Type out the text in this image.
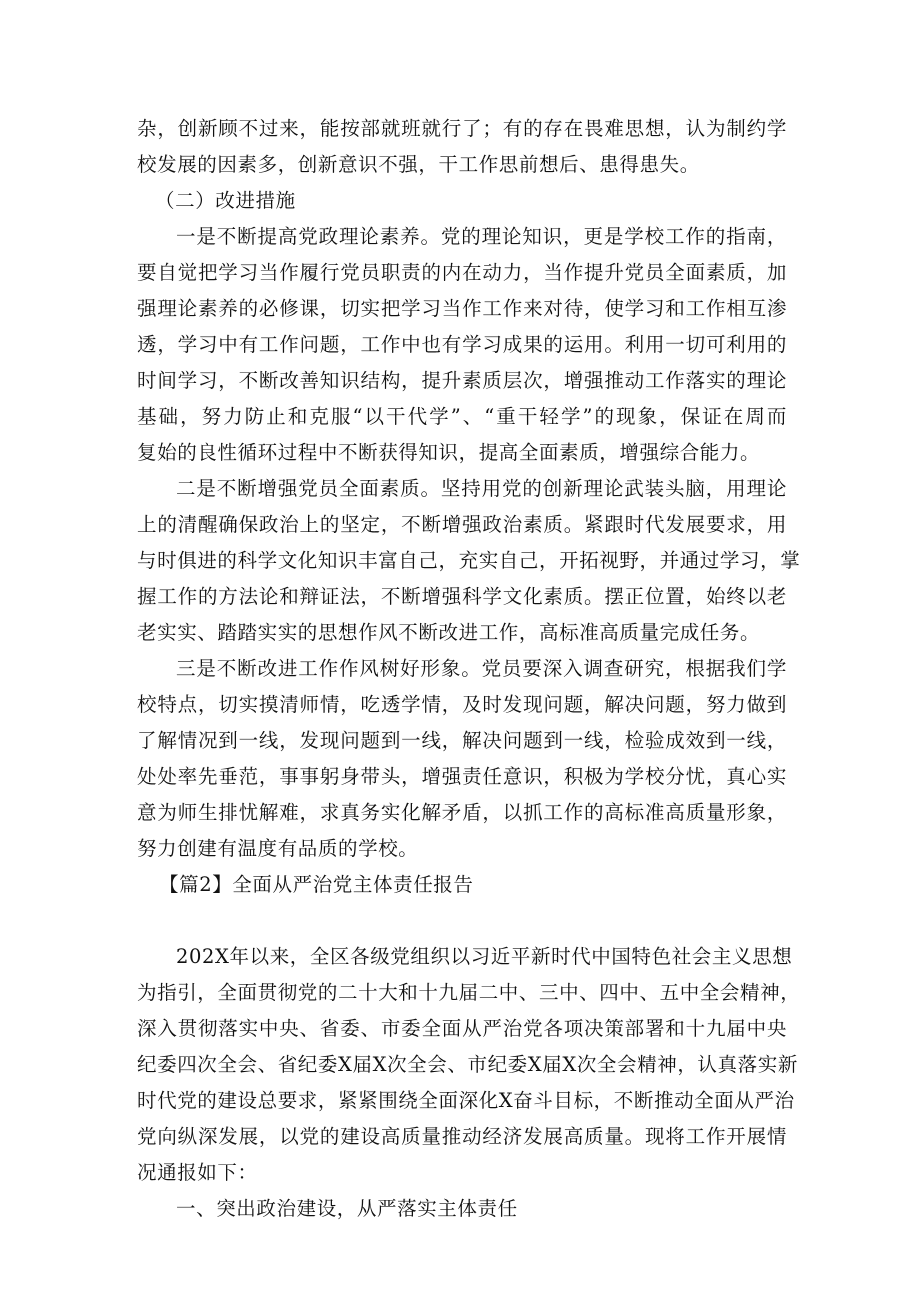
杂，创新顾不过来，能按部就班就行了；有的存在畏难思想，认为制约学
校发展的因素多，创新意识不强，干工作思前想后、患得患失。
（二）改进措施
一是不断提高党政理论素养。党的理论知识，更是学校工作的指南，
要自觉把学习当作履行党员职责的内在动力，当作提升党员全面素质，加
强理论素养的必修课，切实把学习当作工作来对待，使学习和工作相互渗
透，学习中有工作问题，工作中也有学习成果的运用。利用一切可利用的
时间学习，不断改善知识结构，提升素质层次，增强推动工作落实的理论
基础，努力防止和克服“以干代学”、“重干轻学”的现象，保证在周而
复始的良性循环过程中不断获得知识，提高全面素质，增强综合能力。
二是不断增强党员全面素质。坚持用党的创新理论武装头脑，用理论
上的清醒确保政治上的坚定，不断增强政治素质。紧跟时代发展要求，用
与时俱进的科学文化知识丰富自己，充实自己，开拓视野，并通过学习，掌
握工作的方法论和辩证法，不断增强科学文化素质。摆正位置，始终以老
老实实、踏踏实实的思想作风不断改进工作，高标准高质量完成任务。
三是不断改进工作作风树好形象。党员要深入调查研究，根据我们学
校特点，切实摸清师情，吃透学情，及时发现问题，解决问题，努力做到
了解情况到一线，发现问题到一线，解决问题到一线，检验成效到一线，
处处率先垂范，事事躬身带头，增强责任意识，积极为学校分忧，真心实
意为师生排忧解难，求真务实化解矛盾，以抓工作的高标准高质量形象，
努力创建有温度有品质的学校。
【篇2】全面从严治党主体责任报告
202X年以来，全区各级党组织以习近平新时代中国特色社会主义思想
为指引，全面贯彻党的二十大和十九届二中、三中、四中、五中全会精神，
深入贯彻落实中央、省委、市委全面从严治党各项决策部署和十九届中央
纪委四次全会、省纪委X届X次全会、市纪委X届X次全会精神，认真落实新
时代党的建设总要求，紧紧围绕全面深化X奋斗目标，不断推动全面从严治
党向纵深发展，以党的建设高质量推动经济发展高质量。现将工作开展情
况通报如下：
一、突出政治建设，从严落实主体责任
